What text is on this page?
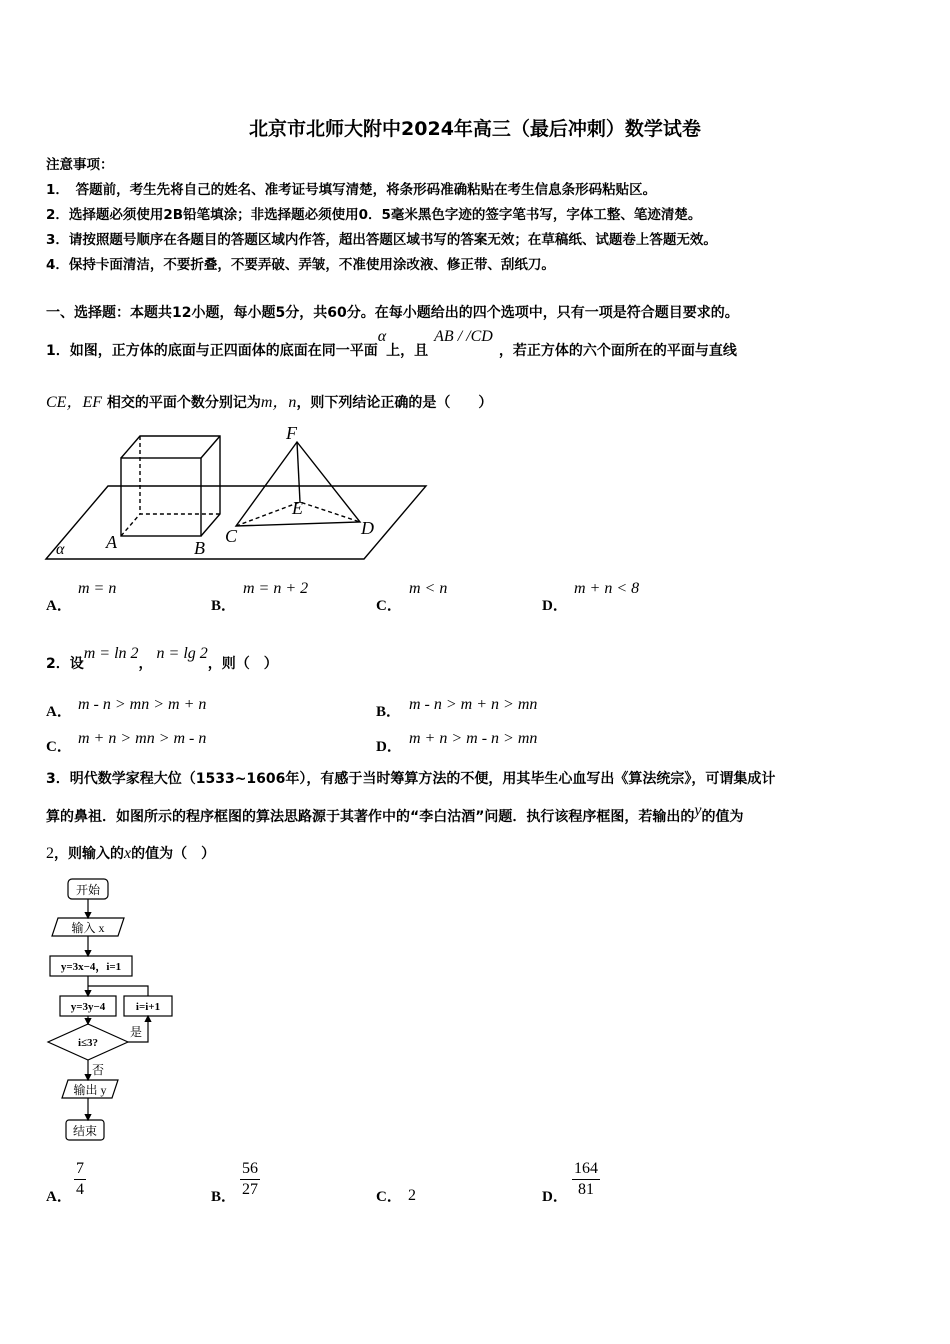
北京市北师大附中2024年高三（最后冲刺）数学试卷
注意事项：
1．　答题前，考生先将自己的姓名、准考证号填写清楚，将条形码准确粘贴在考生信息条形码粘贴区。
2．选择题必须使用2B铅笔填涂；非选择题必须使用0．5毫米黑色字迹的签字笔书写，字体工整、笔迹清楚。
3．请按照题号顺序在各题目的答题区域内作答，超出答题区域书写的答案无效；在草稿纸、试题卷上答题无效。
4．保持卡面清洁，不要折叠，不要弄破、弄皱，不准使用涂改液、修正带、刮纸刀。
一、选择题：本题共12小题，每小题5分，共60分。在每小题给出的四个选项中，只有一项是符合题目要求的。
1．如图，正方体的底面与正四面体的底面在同一平面α上，且AB / /CD，若正方体的六个面所在的平面与直线
CE，EF 相交的平面个数分别记为m，n，则下列结论正确的是（　　）
A	B
C	D
E
F
α
A．
m = n
B．
m = n + 2
C．
m < n
D．
m + n < 8
2．设m = ln 2，n = lg 2，则（　）
A． m - n > mn > m + n	B． m - n > m + n > mn
C． m + n > mn > m - n	D． m + n > m - n > mn
3．明代数学家程大位（1533~1606年），有感于当时筹算方法的不便，用其毕生心血写出《算法统宗》，可谓集成计
算的鼻祖．如图所示的程序框图的算法思路源于其著作中的“李白沽酒”问题．执行该程序框图，若输出的y的值为
2，则输入的x的值为（　）
开始
输入 x
y=3x−4，i=1
y=3y−4	i=i+1
i≤3?
是
否
输出 y
结束
A． $\frac{7}{4}$	B． $\frac{56}{27}$	C． 2	D． $\frac{164}{81}$
